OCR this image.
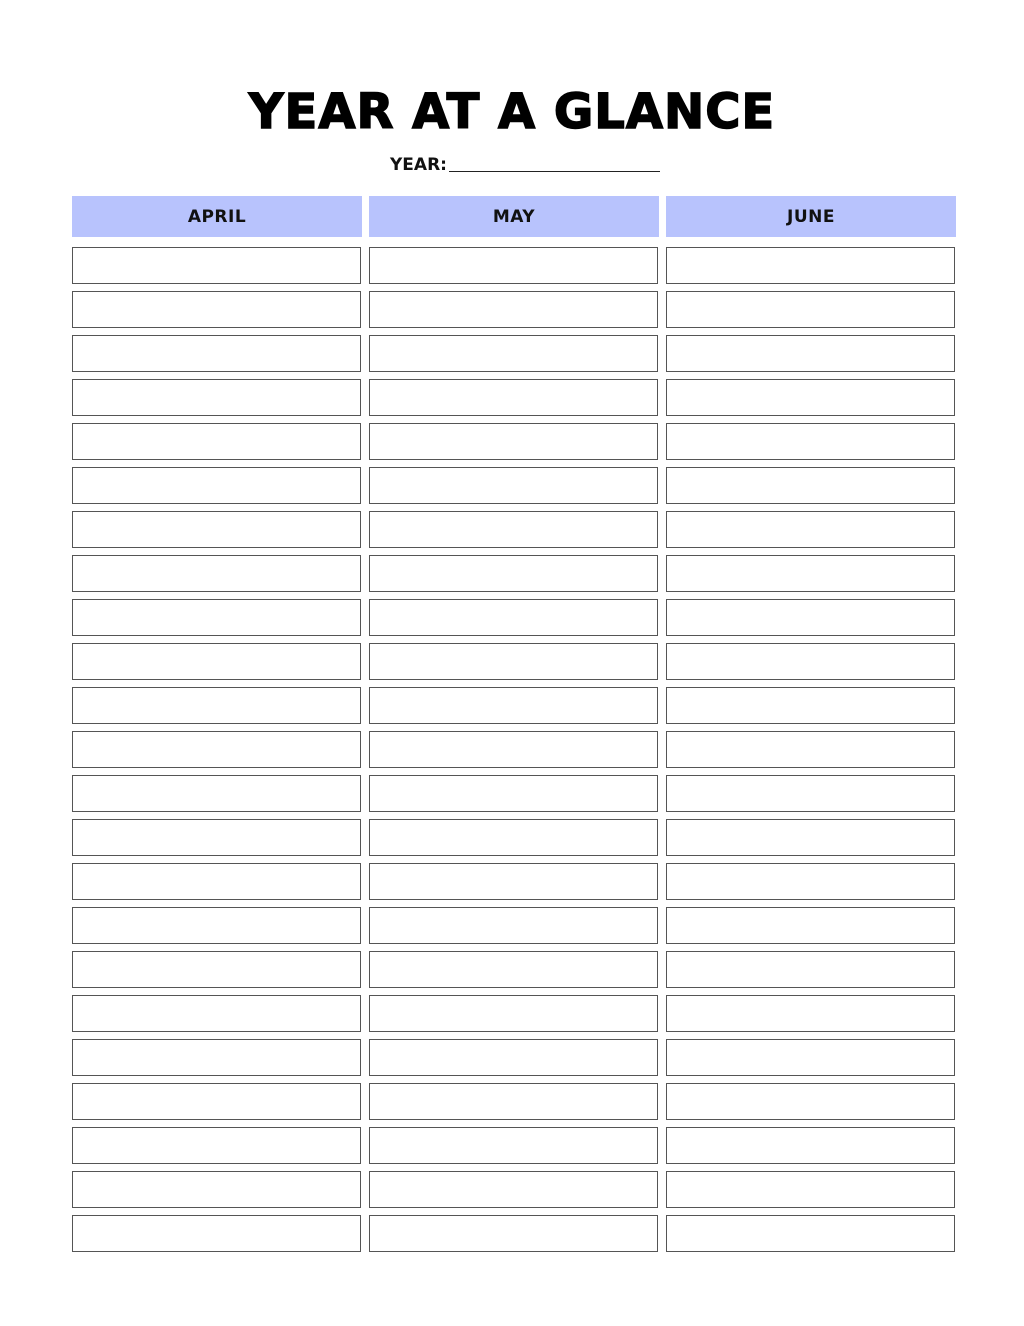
YEAR AT A GLANCE
YEAR:
APRIL	MAY	JUNE
